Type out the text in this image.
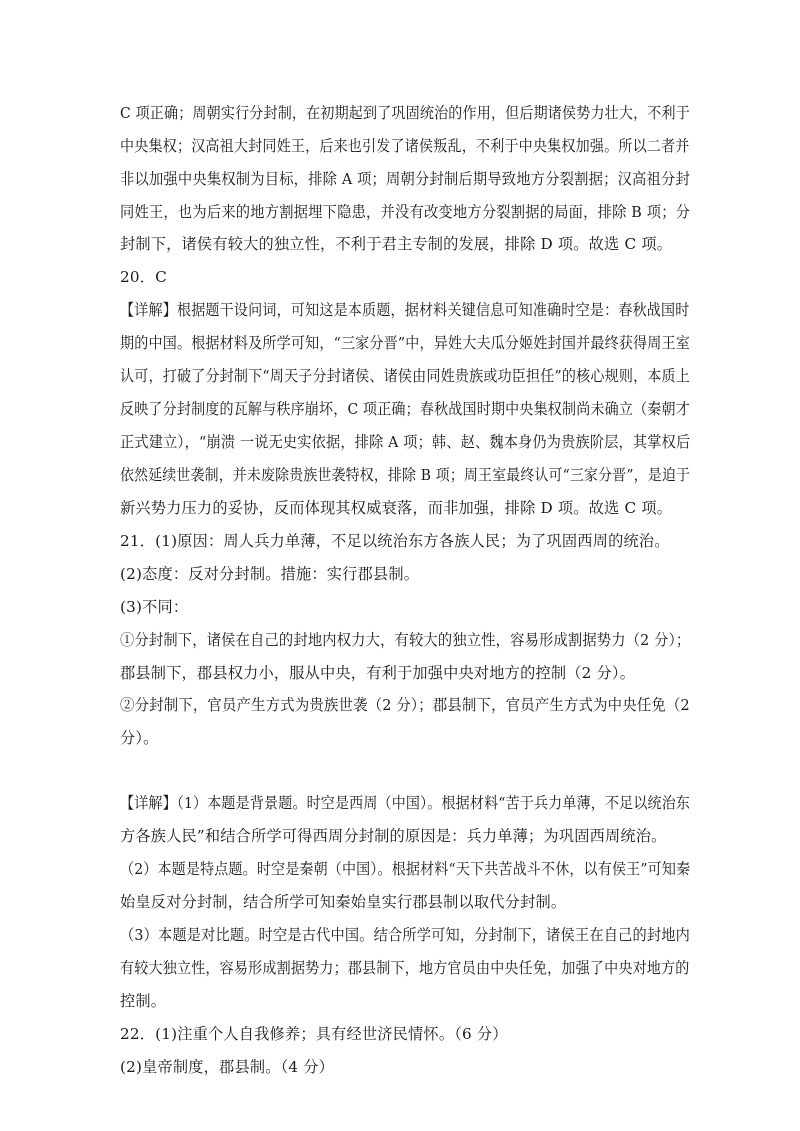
C 项正确；周朝实行分封制，在初期起到了巩固统治的作用，但后期诸侯势力壮大，不利于
中央集权；汉高祖大封同姓王，后来也引发了诸侯叛乱，不利于中央集权加强。所以二者并
非以加强中央集权制为目标，排除 A 项；周朝分封制后期导致地方分裂割据；汉高祖分封
同姓王，也为后来的地方割据埋下隐患，并没有改变地方分裂割据的局面，排除 B 项；分
封制下，诸侯有较大的独立性，不利于君主专制的发展，排除 D 项。故选 C 项。
20．C
【详解】根据题干设问词，可知这是本质题，据材料关键信息可知准确时空是：春秋战国时
期的中国。根据材料及所学可知，“三家分晋”中，异姓大夫瓜分姬姓封国并最终获得周王室
认可，打破了分封制下“周天子分封诸侯、诸侯由同姓贵族或功臣担任”的核心规则，本质上
反映了分封制度的瓦解与秩序崩坏，C 项正确；春秋战国时期中央集权制尚未确立（秦朝才
正式建立），“崩溃 一说无史实依据，排除 A 项；韩、赵、魏本身仍为贵族阶层，其掌权后
依然延续世袭制，并未废除贵族世袭特权，排除 B 项；周王室最终认可“三家分晋”，是迫于
新兴势力压力的妥协，反而体现其权威衰落，而非加强，排除 D 项。故选 C 项。
21．(1)原因：周人兵力单薄，不足以统治东方各族人民；为了巩固西周的统治。
(2)态度：反对分封制。措施：实行郡县制。
(3)不同：
①分封制下，诸侯在自己的封地内权力大，有较大的独立性，容易形成割据势力（2 分）；
郡县制下，郡县权力小，服从中央，有利于加强中央对地方的控制（2 分）。
②分封制下，官员产生方式为贵族世袭（2 分）；郡县制下，官员产生方式为中央任免（2
分）。
【详解】（1）本题是背景题。时空是西周（中国）。根据材料“苦于兵力单薄，不足以统治东
方各族人民”和结合所学可得西周分封制的原因是：兵力单薄；为巩固西周统治。
（2）本题是特点题。时空是秦朝（中国）。根据材料“天下共苦战斗不休，以有侯王”可知秦
始皇反对分封制，结合所学可知秦始皇实行郡县制以取代分封制。
（3）本题是对比题。时空是古代中国。结合所学可知，分封制下，诸侯王在自己的封地内
有较大独立性，容易形成割据势力；郡县制下，地方官员由中央任免，加强了中央对地方的
控制。
22．(1)注重个人自我修养；具有经世济民情怀。（6 分）
(2)皇帝制度，郡县制。（4 分）
